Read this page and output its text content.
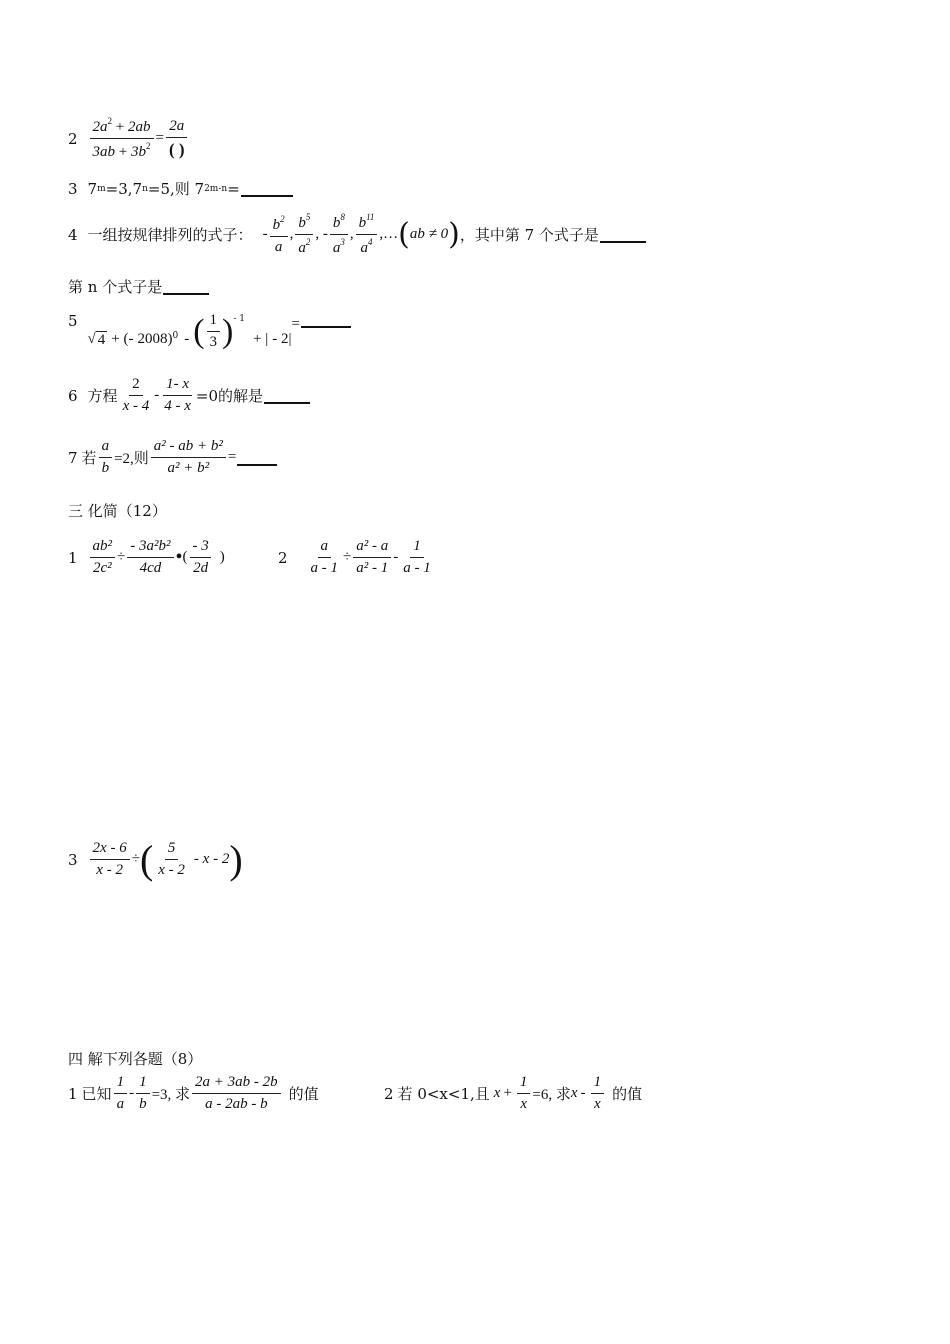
$2 \frac{2a^2 + 2ab}{3ab + 3b^2} = \frac{2a}{( )}$
3 7 m =3,7 n =5,则 7 2m-n =
4 一组按规律排列的式子： - $\frac{b^2}{a}$ , $\frac{b^5}{a^2}$ , - $\frac{b^8}{a^3}$ , $\frac{b^{11}}{a^4}$ ,… ( ab ≠ 0 ) ，其中第 7 个式子是
第 n 个式子是
5
√ 4 + (- 2008 )$^0$ - ( $\frac{1}{3} )^{- 1}$
+ | - 2 |
=
6 方程 $\frac{2}{x - 4} - \frac{1- x}{4 - x} =0$的解是
7 若 $\frac{a}{b} =2$,则 $\frac{\text{a² - ab + b²}}{\text{a² + b²}}$ =
三 化简（12）
$1 \frac{\text{ab²}}{\text{2c²}} \div \frac{\text{- 3a²b²}}{4cd}$ • ( $\frac{- 3}{2d}$ )	$2 \frac{a}{a - 1} \div \frac{\text{a² - a}}{\text{a² - 1}} - \frac{1}{a - 1}$
$3 \frac{2x - 6}{x - 2}$ ÷ ( $\frac{5}{x - 2}$ - x - 2 )
四 解下列各题（8）
1 已知 $\frac{1}{a} - \frac{1}{b} =3$, 求 $\frac{2a + 3ab - 2b}{a - 2ab - b}$ 的值	2 若 0<x<1,且 $x + \frac{1}{x} =6$, 求 x - $\frac{1}{x}$ 的值
